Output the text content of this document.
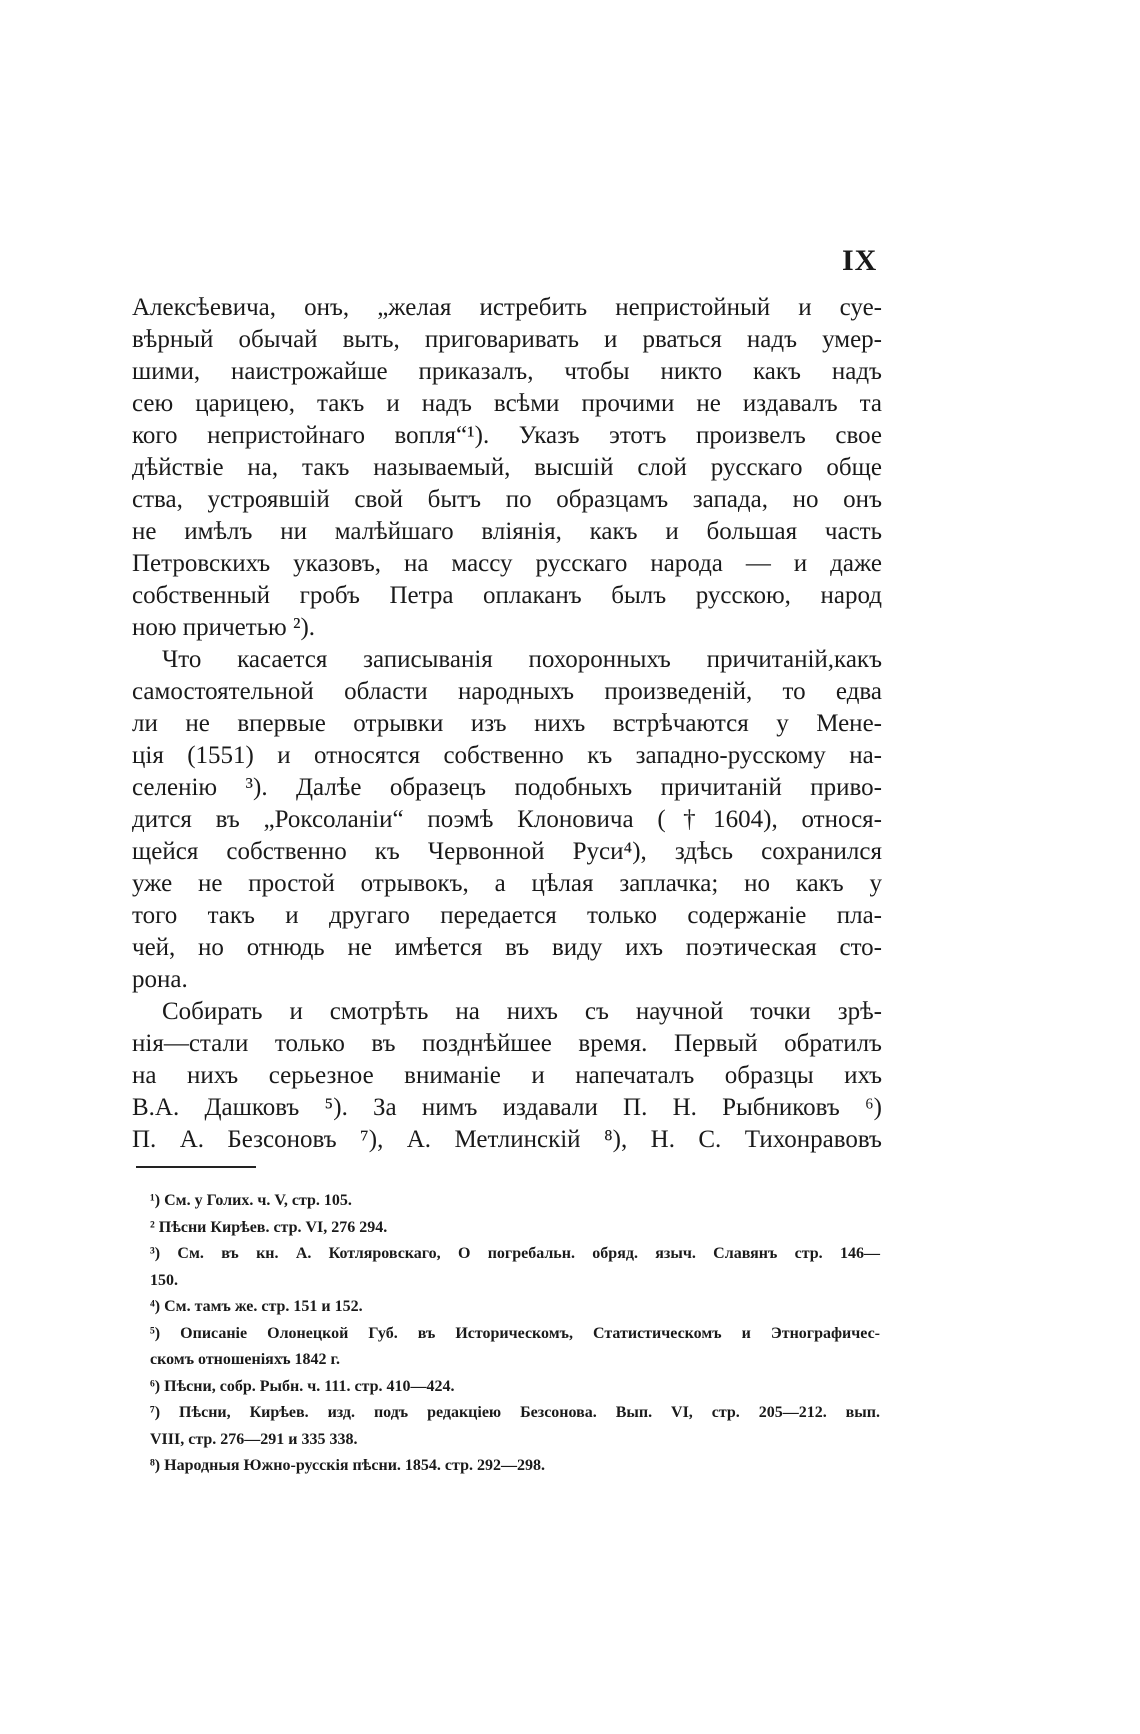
IX

Алексѣевича, онъ, „желая истребить непристойный и суе-
вѣрный обычай выть, приговаривать и рваться надъ умер-
шими, наистрожайше приказалъ, чтобы никто какъ надъ
сею царицею, такъ и надъ всѣми прочими не издавалъ та
кого непристойнаго вопля“¹). Указъ этотъ произвелъ свое
дѣйствіе на, такъ называемый, высшій слой русскаго обще
ства, устроявшій свой бытъ по образцамъ запада, но онъ
не имѣлъ ни малѣйшаго вліянія, какъ и большая часть
Петровскихъ указовъ, на массу русскаго народа — и даже
собственный гробъ Петра оплаканъ былъ русскою, народ
ною причетью ²).

Что касается записыванія похоронныхъ причитаній,какъ
самостоятельной области народныхъ произведеній, то едва
ли не впервые отрывки изъ нихъ встрѣчаются у Мене-
ція (1551) и относятся собственно къ западно-русскому на-
селенію ³). Далѣе образецъ подобныхъ причитаній приво-
дится въ „Роксоланіи“ поэмѣ Клоновича (†1604), относя-
щейся собственно къ Червонной Руси⁴), здѣсь сохранился
уже не простой отрывокъ, а цѣлая заплачка; но какъ у
того такъ и другаго передается только содержаніе пла-
чей, но отнюдь не имѣется въ виду ихъ поэтическая сто-
рона.

Собирать и смотрѣть на нихъ съ научной точки зрѣ-
нія—стали только въ позднѣйшее время. Первый обратилъ
на нихъ серьезное вниманіе и напечаталъ образцы ихъ
В.А. Дашковъ ⁵). За нимъ издавали П. Н. Рыбниковъ ⁶)
П. А. Безсоновъ ⁷), А. Метлинскій ⁸), Н. С. Тихонравовъ

¹) См. у Голих. ч. V, стр. 105.

² Пѣсни Кирѣев. стр. VI, 276 294.

³) См. въ кн. А. Котляровскаго, О погребальн. обряд. языч. Славянъ стр. 146—
150.

⁴) См. тамъ же. стр. 151 и 152.

⁵) Описаніе Олонецкой Губ. въ Историческомъ, Статистическомъ и Этнографичес-
скомъ отношеніяхъ 1842 г.

⁶) Пѣсни, собр. Рыбн. ч. 111. стр. 410—424.

⁷) Пѣсни, Кирѣев. изд. подъ редакціею Безсонова. Вып. VI, стр. 205—212. вып.
VIII, стр. 276—291 и 335 338.

⁸) Народныя Южно-русскія пѣсни. 1854. стр. 292—298.
